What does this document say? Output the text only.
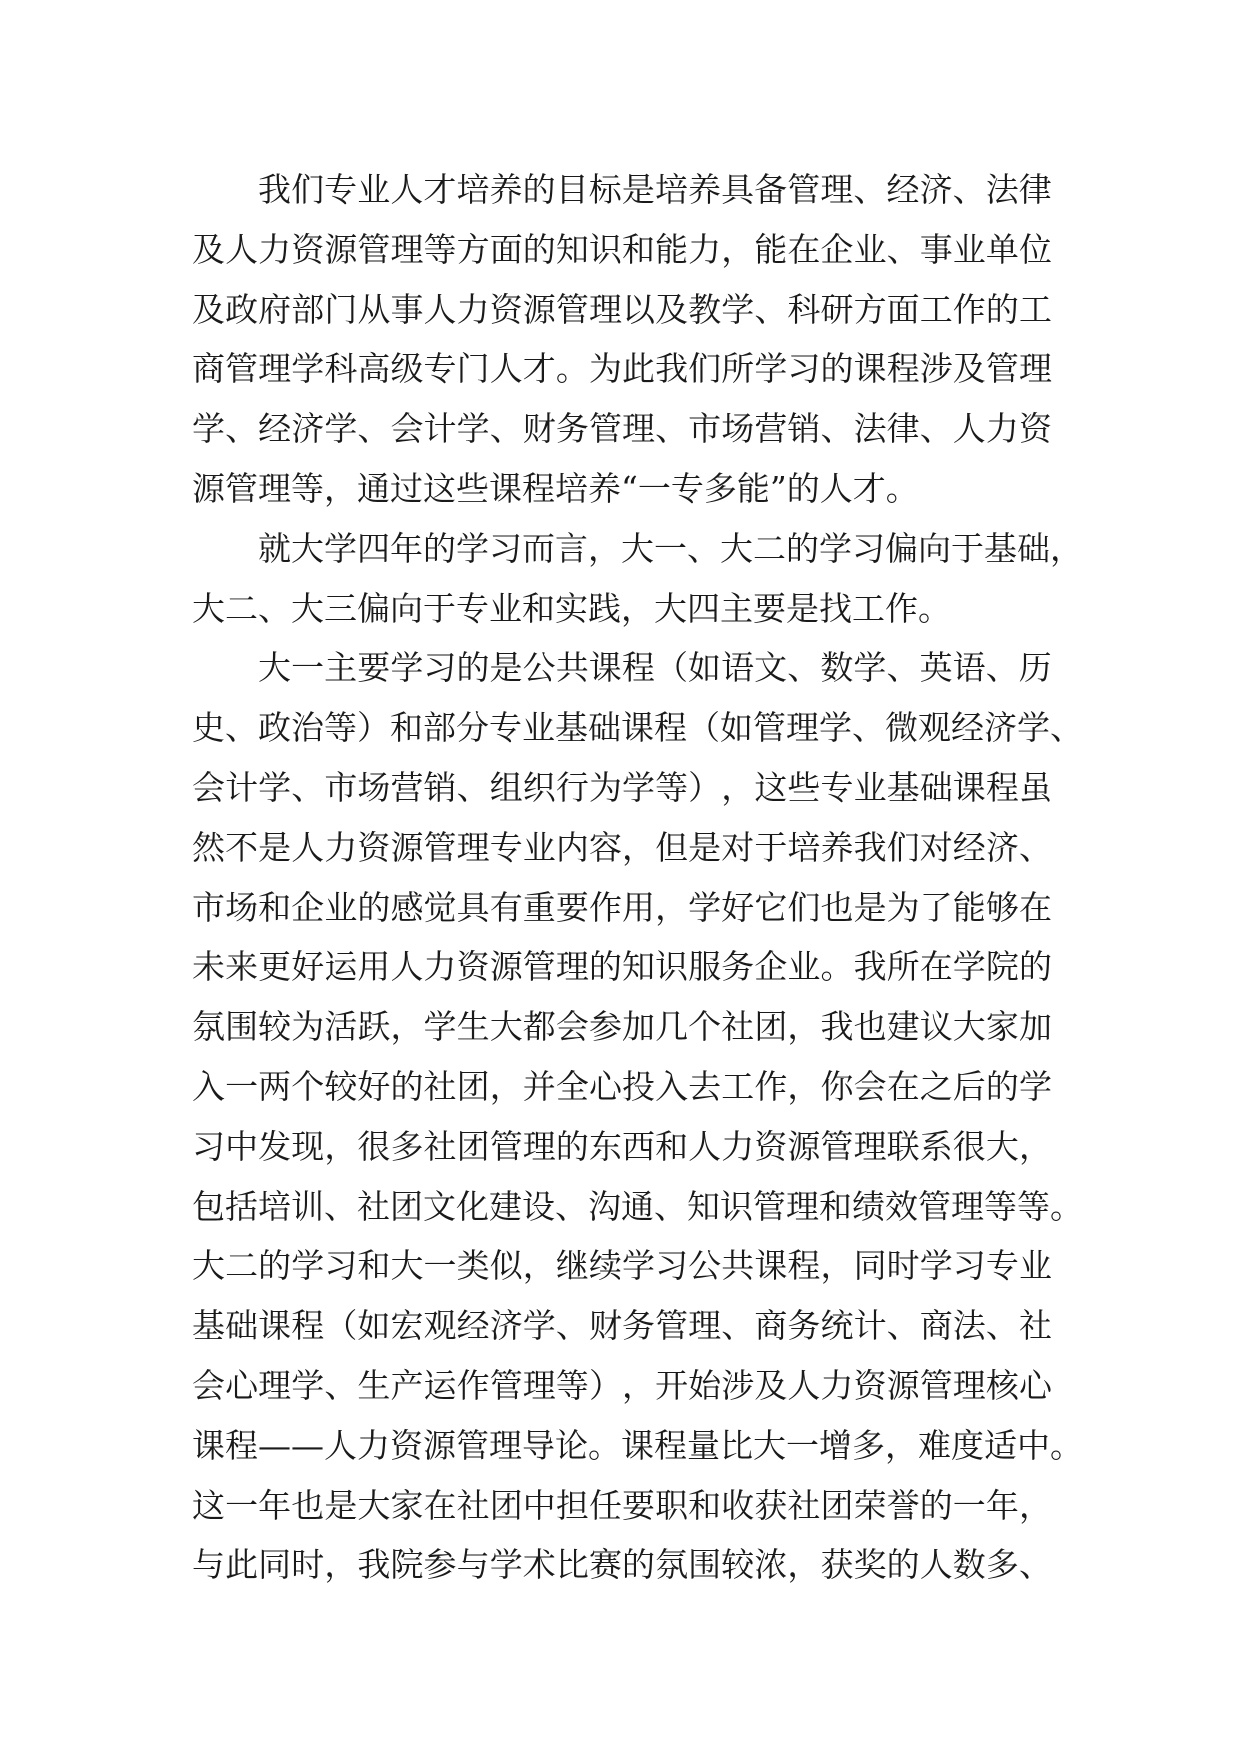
我 们 专 业 人 才 培 养 的 目 标 是 培 养 具 备 管 理 、 经 济 、 法 律
及 人 力 资 源 管 理 等 方 面 的 知 识 和 能 力 ， 能 在 企 业 、 事 业 单 位
及 政 府 部 门 从 事 人 力 资 源 管 理 以 及 教 学 、 科 研 方 面 工 作 的 工
商 管 理 学 科 高 级 专 门 人 才 。 为 此 我 们 所 学 习 的 课 程 涉 及 管 理
学 、 经 济 学 、 会 计 学 、 财 务 管 理 、 市 场 营 销 、 法 律 、 人 力 资
源管理等，通过这些课程培养“一专多能”的人才。
就 大 学 四 年 的 学 习 而 言 ， 大 一 、 大 二 的 学 习 偏 向 于 基 础 ，
大二、大三偏向于专业和实践，大四主要是找工作。
大 一 主 要 学 习 的 是 公 共 课 程 （ 如 语 文 、 数 学 、 英 语 、 历
史 、 政 治 等 ） 和 部 分 专 业 基 础 课 程 （ 如 管 理 学 、 微 观 经 济 学 、
会 计 学 、 市 场 营 销 、 组 织 行 为 学 等 ） ， 这 些 专 业 基 础 课 程 虽
然 不 是 人 力 资 源 管 理 专 业 内 容 ， 但 是 对 于 培 养 我 们 对 经 济 、
市 场 和 企 业 的 感 觉 具 有 重 要 作 用 ， 学 好 它 们 也 是 为 了 能 够 在
未 来 更 好 运 用 人 力 资 源 管 理 的 知 识 服 务 企 业 。 我 所 在 学 院 的
氛 围 较 为 活 跃 ， 学 生 大 都 会 参 加 几 个 社 团 ， 我 也 建 议 大 家 加
入 一 两 个 较 好 的 社 团 ， 并 全 心 投 入 去 工 作 ， 你 会 在 之 后 的 学
习 中 发 现 ， 很 多 社 团 管 理 的 东 西 和 人 力 资 源 管 理 联 系 很 大 ，
包 括 培 训 、 社 团 文 化 建 设 、 沟 通 、 知 识 管 理 和 绩 效 管 理 等 等 。
大 二 的 学 习 和 大 一 类 似 ， 继 续 学 习 公 共 课 程 ， 同 时 学 习 专 业
基 础 课 程 （ 如 宏 观 经 济 学 、 财 务 管 理 、 商 务 统 计 、 商 法 、 社
会 心 理 学 、 生 产 运 作 管 理 等 ） ， 开 始 涉 及 人 力 资 源 管 理 核 心
课 程 — — 人 力 资 源 管 理 导 论 。 课 程 量 比 大 一 增 多 ， 难 度 适 中 。
这 一 年 也 是 大 家 在 社 团 中 担 任 要 职 和 收 获 社 团 荣 誉 的 一 年 ，
与 此 同 时 ， 我 院 参 与 学 术 比 赛 的 氛 围 较 浓 ， 获 奖 的 人 数 多 、
